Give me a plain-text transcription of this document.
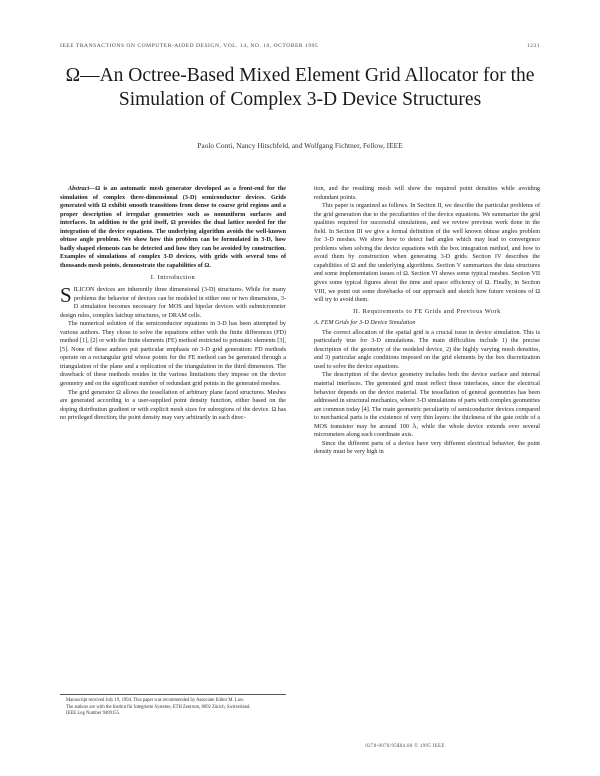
IEEE TRANSACTIONS ON COMPUTER-AIDED DESIGN, VOL. 14, NO. 10, OCTOBER 1995	1231
Ω—An Octree-Based Mixed Element Grid Allocator for the Simulation of Complex 3-D Device Structures
Paolo Conti, Nancy Hitschfeld, and Wolfgang Fichtner, Fellow, IEEE

Abstract—Ω is an automatic mesh generator developed as a front-end for the simulation of complex three-dimensional (3-D) semiconductor devices. Grids generated with Ω exhibit smooth transitions from dense to coarse grid regions and a proper description of irregular geometries such as nonuniform surfaces and interfaces. In addition to the grid itself, Ω provides the dual lattice needed for the integration of the device equations. The underlying algorithm avoids the well-known obtuse angle problem. We show how this problem can be formulated in 3-D, how badly shaped elements can be detected and how they can be avoided by construction. Examples of simulations of complex 3-D devices, with grids with several tens of thousands mesh points, demonstrate the capabilities of Ω.

I. Introduction

SILICON devices are inherently three dimensional (3-D) structures. While for many problems the behavior of devices can be modeled in either one or two dimensions, 3-D simulation becomes necessary for MOS and bipolar devices with submicrometer design rules, complex latchup structures, or DRAM cells.

The numerical solution of the semiconductor equations in 3-D has been attempted by various authors. They chose to solve the equations either with the finite differences (FD) method [1], [2] or with the finite elements (FE) method restricted to prismatic elements [3], [5]. None of these authors put particular emphasis on 3-D grid generation: FD methods operate on a rectangular grid whose points for the FE method can be generated through a triangulation of the plane and a replication of the triangulation in the third dimension. The drawback of these methods resides in the various limitations they impose on the device geometry and on the significant number of redundant grid points in the generated meshes.

The grid generator Ω allows the tessellation of arbitrary plane faced structures. Meshes are generated according to a user-supplied point density function, either based on the doping distribution gradient or with explicit mesh sizes for subregions of the device. Ω has no privileged direction; the point density may vary arbitrarily in each direc-

Manuscript received July 19, 1994. This paper was recommended by Associate Editor M. Law.
The authors are with the Institut für Integrierte Systeme, ETH Zentrum, 8092 Zürich, Switzerland.
IEEE Log Number 9409155.

tion, and the resulting mesh will show the required point densities while avoiding redundant points.

This paper is organized as follows. In Section II, we describe the particular problems of the grid generation due to the peculiarities of the device equations. We summarize the grid qualities required for successful simulations, and we review previous work done in the field. In Section III we give a formal definition of the well known obtuse angles problem for 3-D meshes. We show how to detect bad angles which may lead to convergence problems when solving the device equations with the box integration method, and how to avoid them by construction when generating 3-D grids. Section IV describes the capabilities of Ω and the underlying algorithms. Section V summarizes the data structures and some implementation issues of Ω. Section VI shows some typical meshes. Section VII gives some typical figures about the time and space efficiency of Ω. Finally, in Section VIII, we point out some drawbacks of our approach and sketch how future versions of Ω will try to avoid them.

II. Requirements to FE Grids and Previous Work

A. FEM Grids for 3-D Device Simulation

The correct allocation of the spatial grid is a crucial issue in device simulation. This is particularly true for 3-D simulations. The main difficulties include 1) the precise description of the geometry of the modeled device, 2) the highly varying mesh densities, and 3) particular angle conditions imposed on the grid elements by the box discretization used to solve the device equations.

The description of the device geometry includes both the device surface and internal material interfaces. The generated grid must reflect these interfaces, since the electrical behavior depends on the device material. The tessellation of general geometries has been addressed in structural mechanics, where 3-D simulations of parts with complex geometries are common today [4]. The main geometric peculiarity of semiconductor devices compared to mechanical parts is the existence of very thin layers: the thickness of the gate oxide of a MOS transistor may be around 100 Å, while the whole device extends over several micrometers along each coordinate axis.

Since the different parts of a device have very different electrical behavior, the point density must be very high in

0278-0070/95$04.00 © 1995 IEEE
